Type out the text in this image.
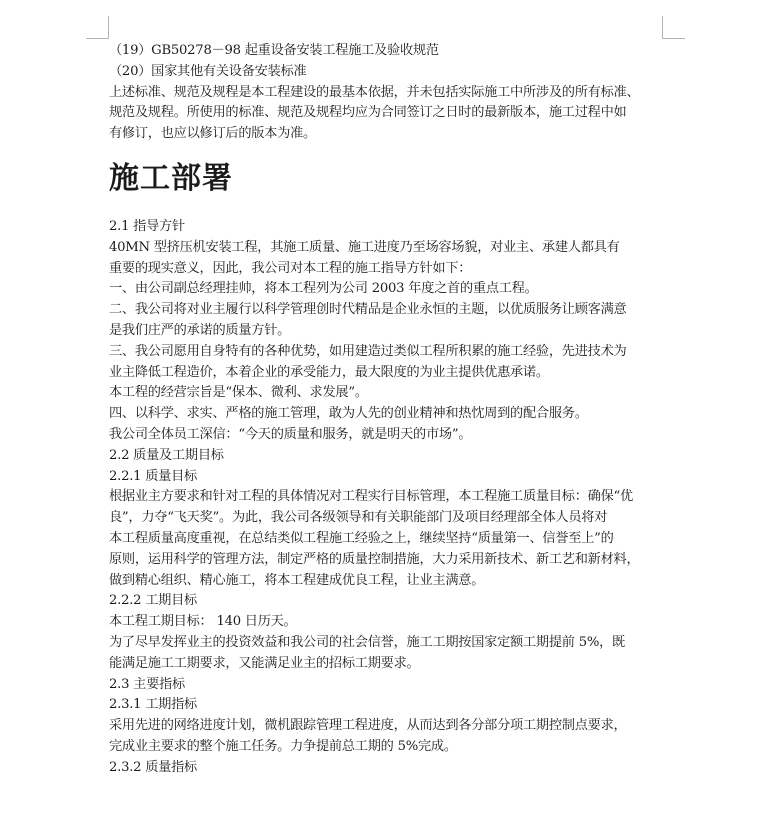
（19）GB50278－98 起重设备安装工程施工及验收规范

（20）国家其他有关设备安装标准

上述标准、规范及规程是本工程建设的最基本依据，并未包括实际施工中所涉及的所有标准、

规范及规程。所使用的标准、规范及规程均应为合同签订之日时的最新版本，施工过程中如

有修订，也应以修订后的版本为准。

施工部署

2.1 指导方针

40MN 型挤压机安装工程，其施工质量、施工进度乃至场容场貌，对业主、承建人都具有

重要的现实意义，因此，我公司对本工程的施工指导方针如下：

一、由公司副总经理挂帅，将本工程列为公司 2003 年度之首的重点工程。

二、我公司将对业主履行以科学管理创时代精品是企业永恒的主题，以优质服务让顾客满意

是我们庄严的承诺的质量方针。

三、我公司愿用自身特有的各种优势，如用建造过类似工程所积累的施工经验，先进技术为

业主降低工程造价，本着企业的承受能力，最大限度的为业主提供优惠承诺。

本工程的经营宗旨是“保本、微利、求发展”。

四、以科学、求实、严格的施工管理，敢为人先的创业精神和热忱周到的配合服务。

我公司全体员工深信：“今天的质量和服务，就是明天的市场”。

2.2 质量及工期目标

2.2.1 质量目标

根据业主方要求和针对工程的具体情况对工程实行目标管理，本工程施工质量目标：确保“优

良”，力夺“飞天奖”。为此，我公司各级领导和有关职能部门及项目经理部全体人员将对

本工程质量高度重视，在总结类似工程施工经验之上，继续坚持“质量第一、信誉至上”的

原则，运用科学的管理方法，制定严格的质量控制措施，大力采用新技术、新工艺和新材料，

做到精心组织、精心施工，将本工程建成优良工程，让业主满意。

2.2.2 工期目标

本工程工期目标： 140 日历天。

为了尽早发挥业主的投资效益和我公司的社会信誉，施工工期按国家定额工期提前 5%，既

能满足施工工期要求，又能满足业主的招标工期要求。

2.3 主要指标

2.3.1 工期指标

采用先进的网络进度计划，微机跟踪管理工程进度，从而达到各分部分项工期控制点要求，

完成业主要求的整个施工任务。力争提前总工期的 5%完成。

2.3.2 质量指标
